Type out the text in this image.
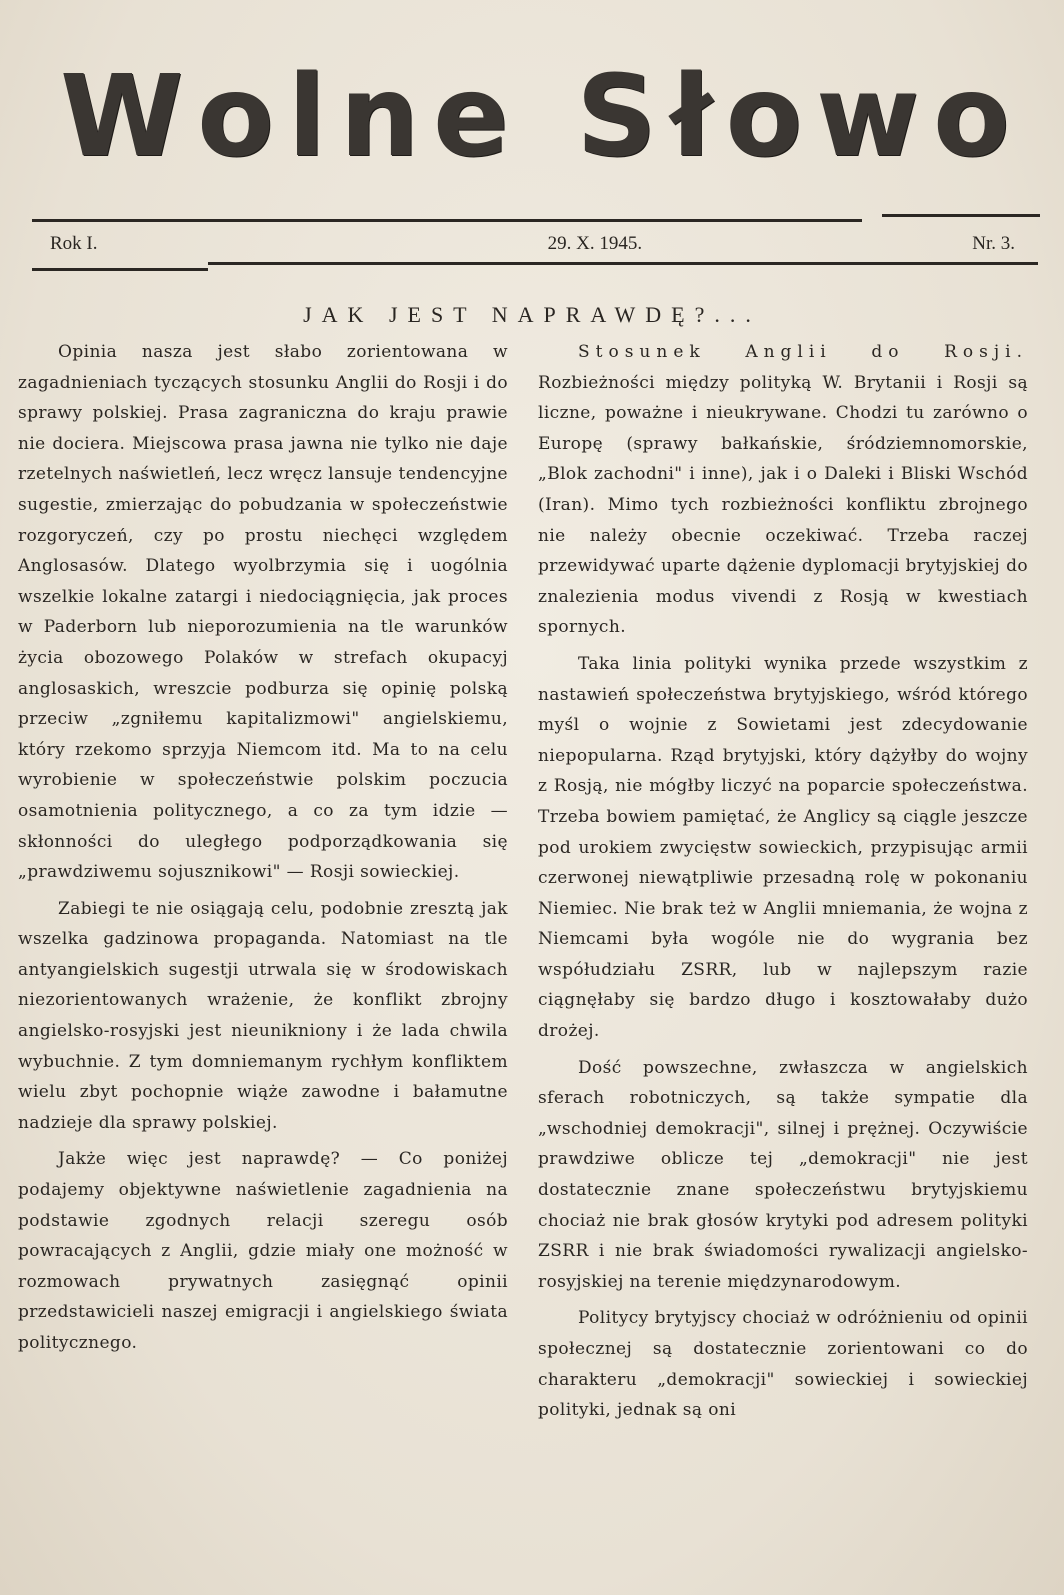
W o l n e S ł o w o
Rok I.	29. X. 1945.	Nr. 3.
JAK JEST NAPRAWDĘ?...

Opinia nasza jest słabo zorientowana w zagadnieniach tyczących stosunku Anglii do Rosji i do sprawy polskiej. Prasa zagraniczna do kraju prawie nie dociera. Miejscowa prasa jawna nie tylko nie daje rzetelnych naświetleń, lecz wręcz lansuje tendencyjne sugestie, zmierzając do pobudzania w społeczeństwie rozgoryczeń, czy po prostu niechęci względem Anglosasów. Dlatego wyolbrzymia się i uogólnia wszelkie lokalne zatargi i niedociągnięcia, jak proces w Paderborn lub nieporozumienia na tle warunków życia obozowego Polaków w strefach okupacyj anglosaskich, wreszcie podburza się opinię polską przeciw „zgniłemu kapitalizmowi" angielskiemu, który rzekomo sprzyja Niemcom itd. Ma to na celu wyrobienie w społeczeństwie polskim poczucia osamotnienia politycznego, a co za tym idzie — skłonności do uległego podporządkowania się „prawdziwemu sojusznikowi" — Rosji sowieckiej.

Zabiegi te nie osiągają celu, podobnie zresztą jak wszelka gadzinowa propaganda. Natomiast na tle antyangielskich sugestji utrwala się w środowiskach niezorientowanych wrażenie, że konflikt zbrojny angielsko-rosyjski jest nieunikniony i że lada chwila wybuchnie. Z tym domniemanym rychłym konfliktem wielu zbyt pochopnie wiąże zawodne i bałamutne nadzieje dla sprawy polskiej.

Jakże więc jest naprawdę? — Co poniżej podajemy objektywne naświetlenie zagadnienia na podstawie zgodnych relacji szeregu osób powracających z Anglii, gdzie miały one możność w rozmowach prywatnych zasięgnąć opinii przedstawicieli naszej emigracji i angielskiego świata politycznego.

Stosunek Anglii do Rosji. Rozbieżności między polityką W. Brytanii i Rosji są liczne, poważne i nieukrywane. Chodzi tu zarówno o Europę (sprawy bałkańskie, śródziemnomorskie, „Blok zachodni" i inne), jak i o Daleki i Bliski Wschód (Iran). Mimo tych rozbieżności konfliktu zbrojnego nie należy obecnie oczekiwać. Trzeba raczej przewidywać uparte dążenie dyplomacji brytyjskiej do znalezienia modus vivendi z Rosją w kwestiach spornych.

Taka linia polityki wynika przede wszystkim z nastawień społeczeństwa brytyjskiego, wśród którego myśl o wojnie z Sowietami jest zdecydowanie niepopularna. Rząd brytyjski, który dążyłby do wojny z Rosją, nie mógłby liczyć na poparcie społeczeństwa. Trzeba bowiem pamiętać, że Anglicy są ciągle jeszcze pod urokiem zwycięstw sowieckich, przypisując armii czerwonej niewątpliwie przesadną rolę w pokonaniu Niemiec. Nie brak też w Anglii mniemania, że wojna z Niemcami była wogóle nie do wygrania bez współudziału ZSRR, lub w najlepszym razie ciągnęłaby się bardzo długo i kosztowałaby dużo drożej.

Dość powszechne, zwłaszcza w angielskich sferach robotniczych, są także sympatie dla „wschodniej demokracji", silnej i prężnej. Oczywiście prawdziwe oblicze tej „demokracji" nie jest dostatecznie znane społeczeństwu brytyjskiemu chociaż nie brak głosów krytyki pod adresem polityki ZSRR i nie brak świadomości rywalizacji angielsko-rosyjskiej na terenie międzynarodowym.

Politycy brytyjscy chociaż w odróżnieniu od opinii społecznej są dostatecznie zorientowani co do charakteru „demokracji" sowieckiej i sowieckiej polityki, jednak są oni
